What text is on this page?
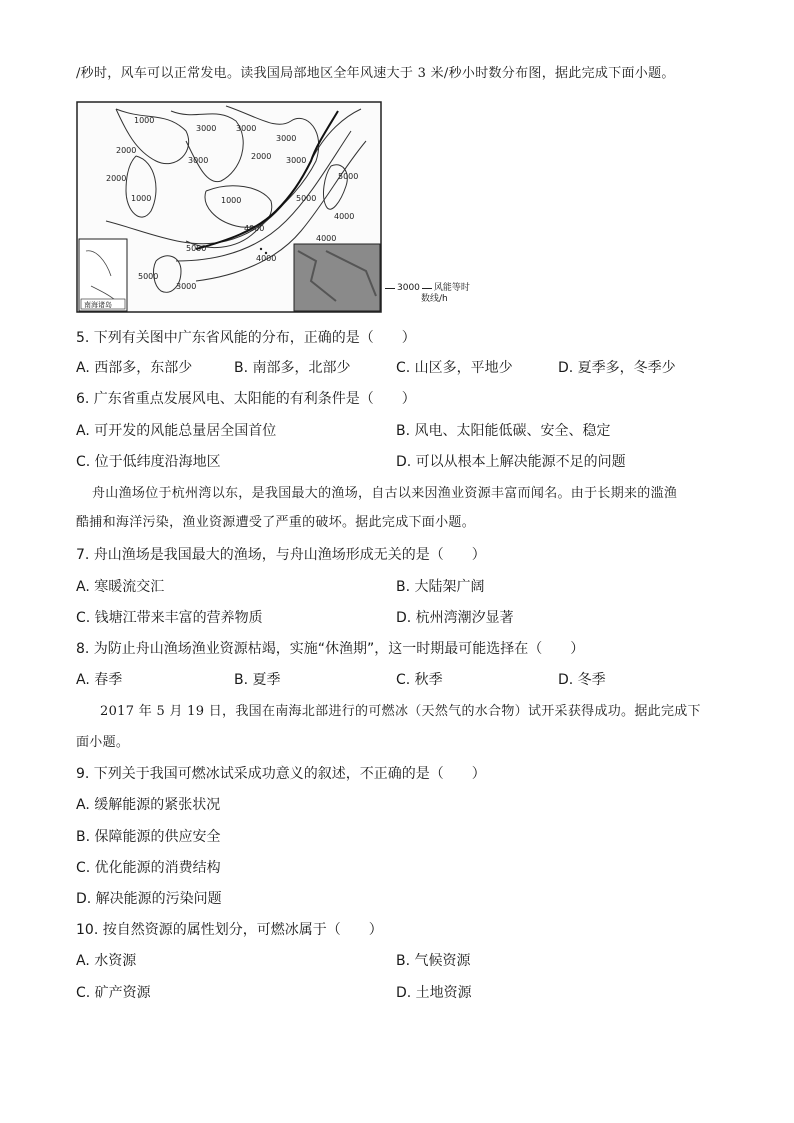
/秒时，风车可以正常发电。读我国局部地区全年风速大于 3 米/秒小时数分布图，据此完成下面小题。
1000
2000
3000 3000
3000
1000
2000
1000
2000 3000
4000
5000
5000
4000
5000
3000
3000
5000
4000
4000
南海诸岛
3000 风能等时
数线/h
5. 下列有关图中广东省风能的分布，正确的是（　　）
A. 西部多，东部少	B. 南部多，北部少	C. 山区多，平地少	D. 夏季多，冬季少
6. 广东省重点发展风电、太阳能的有利条件是（　　）
A. 可开发的风能总量居全国首位	B. 风电、太阳能低碳、安全、稳定
C. 位于低纬度沿海地区	D. 可以从根本上解决能源不足的问题
舟山渔场位于杭州湾以东，是我国最大的渔场，自古以来因渔业资源丰富而闻名。由于长期来的滥渔
酷捕和海洋污染，渔业资源遭受了严重的破坏。据此完成下面小题。
7. 舟山渔场是我国最大的渔场，与舟山渔场形成无关的是（　　）
A. 寒暖流交汇	B. 大陆架广阔
C. 钱塘江带来丰富的营养物质	D. 杭州湾潮汐显著
8. 为防止舟山渔场渔业资源枯竭，实施“休渔期”，这一时期最可能选择在（　　）
A. 春季	B. 夏季	C. 秋季	D. 冬季
2017 年 5 月 19 日，我国在南海北部进行的可燃冰（天然气的水合物）试开采获得成功。据此完成下
面小题。
9. 下列关于我国可燃冰试采成功意义的叙述，不正确的是（　　）
A. 缓解能源的紧张状况
B. 保障能源的供应安全
C. 优化能源的消费结构
D. 解决能源的污染问题
10. 按自然资源的属性划分，可燃冰属于（　　）
A. 水资源	B. 气候资源
C. 矿产资源	D. 土地资源
